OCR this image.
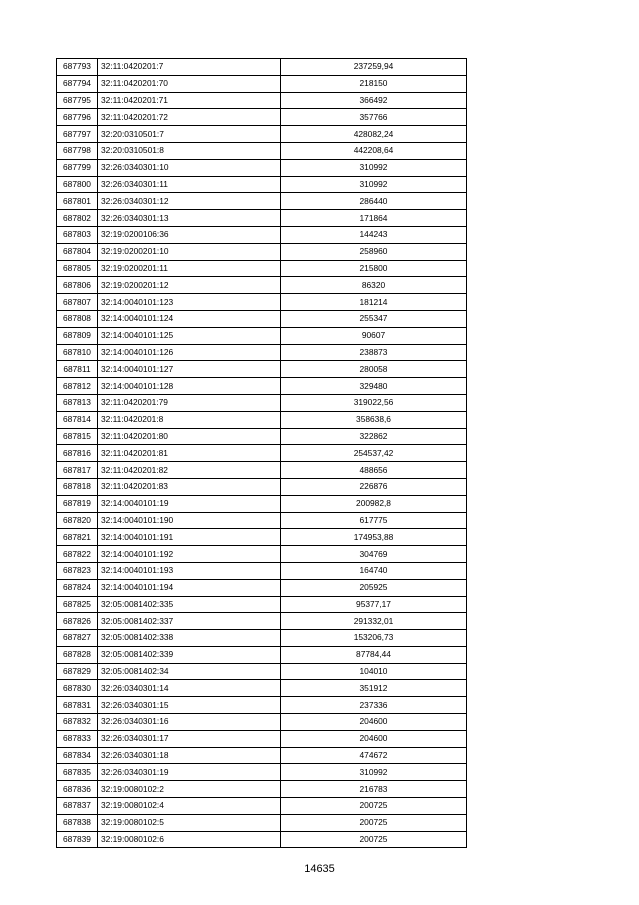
687793	32:11:0420201:7	237259,94
687794	32:11:0420201:70	218150
687795	32:11:0420201:71	366492
687796	32:11:0420201:72	357766
687797	32:20:0310501:7	428082,24
687798	32:20:0310501:8	442208,64
687799	32:26:0340301:10	310992
687800	32:26:0340301:11	310992
687801	32:26:0340301:12	286440
687802	32:26:0340301:13	171864
687803	32:19:0200106:36	144243
687804	32:19:0200201:10	258960
687805	32:19:0200201:11	215800
687806	32:19:0200201:12	86320
687807	32:14:0040101:123	181214
687808	32:14:0040101:124	255347
687809	32:14:0040101:125	90607
687810	32:14:0040101:126	238873
687811	32:14:0040101:127	280058
687812	32:14:0040101:128	329480
687813	32:11:0420201:79	319022,56
687814	32:11:0420201:8	358638,6
687815	32:11:0420201:80	322862
687816	32:11:0420201:81	254537,42
687817	32:11:0420201:82	488656
687818	32:11:0420201:83	226876
687819	32:14:0040101:19	200982,8
687820	32:14:0040101:190	617775
687821	32:14:0040101:191	174953,88
687822	32:14:0040101:192	304769
687823	32:14:0040101:193	164740
687824	32:14:0040101:194	205925
687825	32:05:0081402:335	95377,17
687826	32:05:0081402:337	291332,01
687827	32:05:0081402:338	153206,73
687828	32:05:0081402:339	87784,44
687829	32:05:0081402:34	104010
687830	32:26:0340301:14	351912
687831	32:26:0340301:15	237336
687832	32:26:0340301:16	204600
687833	32:26:0340301:17	204600
687834	32:26:0340301:18	474672
687835	32:26:0340301:19	310992
687836	32:19:0080102:2	216783
687837	32:19:0080102:4	200725
687838	32:19:0080102:5	200725
687839	32:19:0080102:6	200725
14635
